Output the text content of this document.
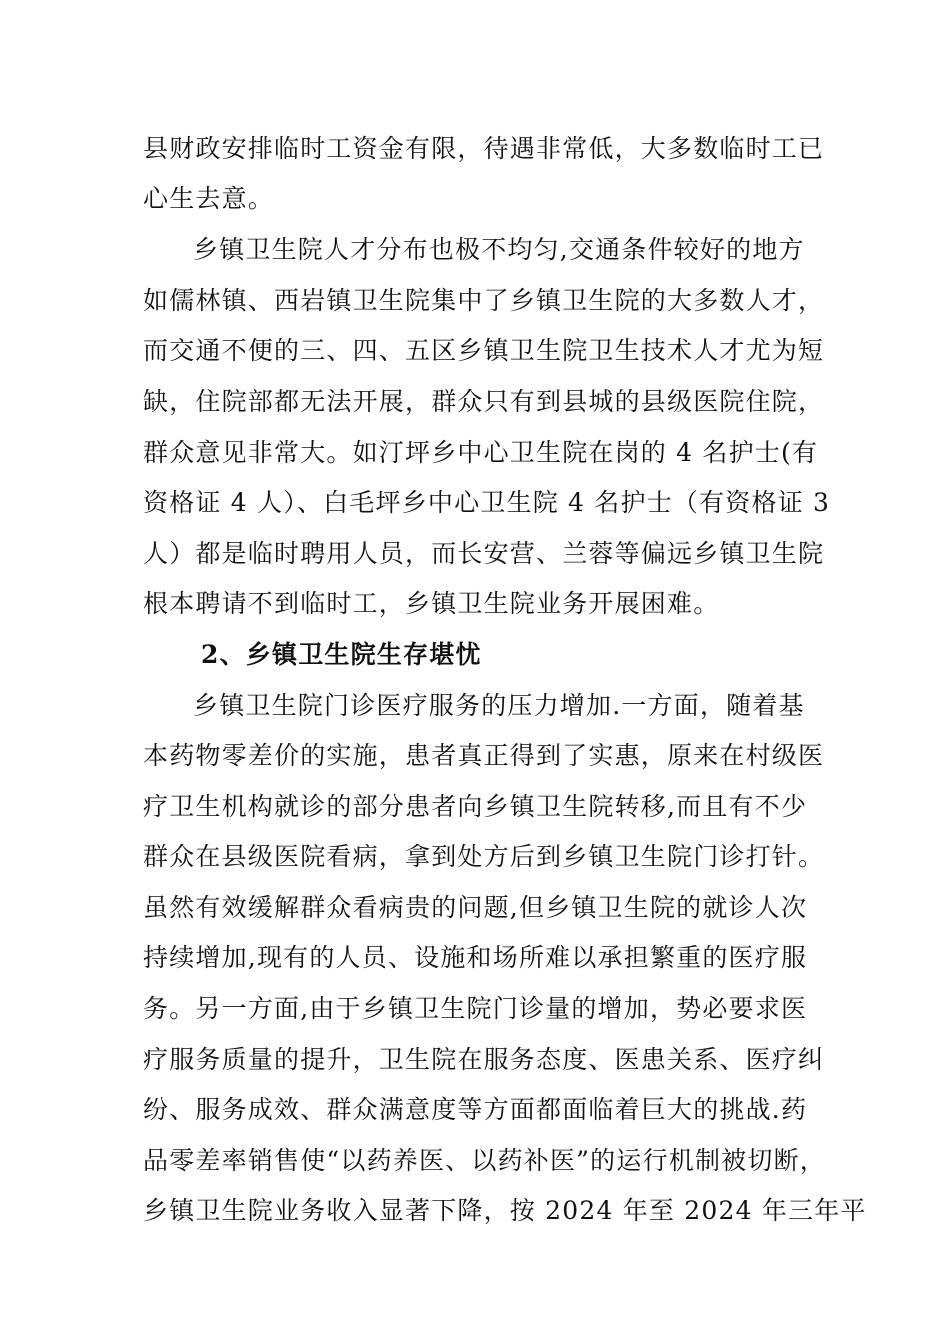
县财政安排临时工资金有限，待遇非常低，大多数临时工已
心生去意。
乡镇卫生院人才分布也极不均匀,交通条件较好的地方
如儒林镇、西岩镇卫生院集中了乡镇卫生院的大多数人才，
而交通不便的三、四、五区乡镇卫生院卫生技术人才尤为短
缺，住院部都无法开展，群众只有到县城的县级医院住院，
群众意见非常大。如汀坪乡中心卫生院在岗的 4 名护士(有
资格证 4 人）、白毛坪乡中心卫生院 4 名护士（有资格证 3
人）都是临时聘用人员，而长安营、兰蓉等偏远乡镇卫生院
根本聘请不到临时工，乡镇卫生院业务开展困难。
2、乡镇卫生院生存堪忧
乡镇卫生院门诊医疗服务的压力增加.一方面，随着基
本药物零差价的实施，患者真正得到了实惠，原来在村级医
疗卫生机构就诊的部分患者向乡镇卫生院转移,而且有不少
群众在县级医院看病，拿到处方后到乡镇卫生院门诊打针。
虽然有效缓解群众看病贵的问题,但乡镇卫生院的就诊人次
持续增加,现有的人员、设施和场所难以承担繁重的医疗服
务。另一方面,由于乡镇卫生院门诊量的增加，势必要求医
疗服务质量的提升，卫生院在服务态度、医患关系、医疗纠
纷、服务成效、群众满意度等方面都面临着巨大的挑战.药
品零差率销售使“以药养医、以药补医”的运行机制被切断，
乡镇卫生院业务收入显著下降，按 2024 年至 2024 年三年平
